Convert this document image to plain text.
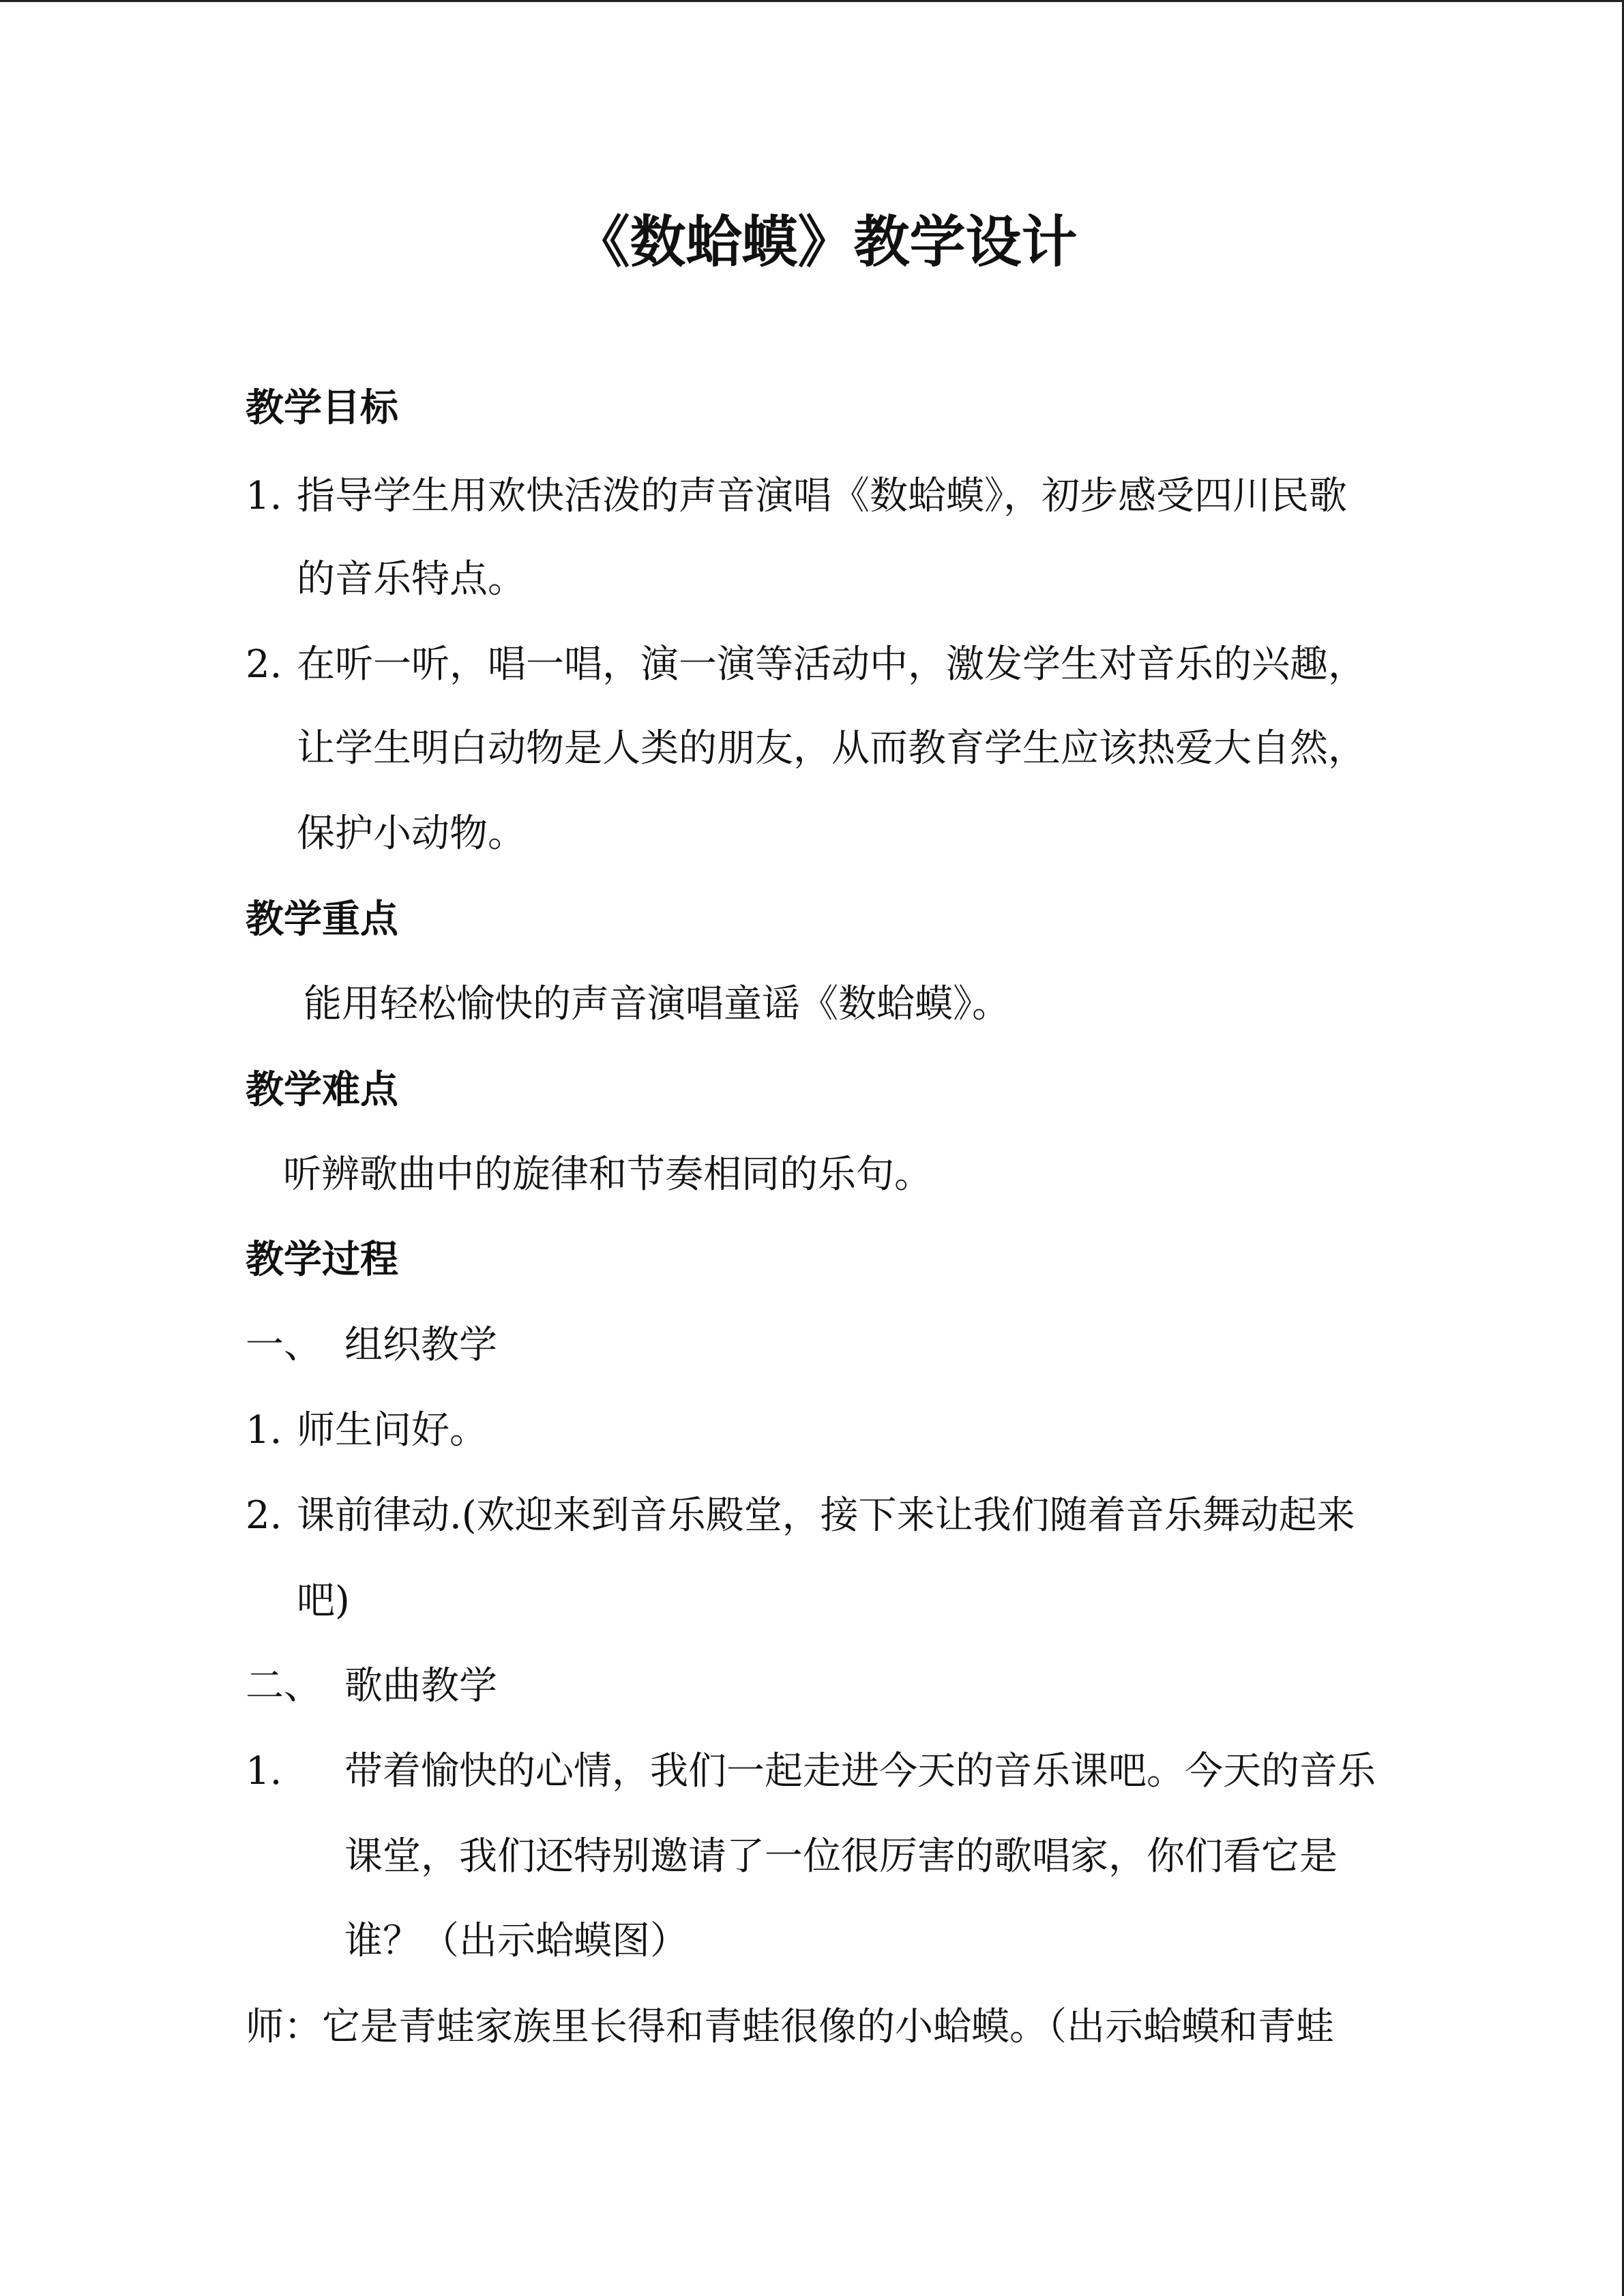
《数蛤蟆》教学设计
教学目标
1. 指导学生用欢快活泼的声音演唱《数蛤蟆》，初步感受四川民歌
的音乐特点。
2. 在听一听，唱一唱，演一演等活动中，激发学生对音乐的兴趣，
让学生明白动物是人类的朋友，从而教育学生应该热爱大自然，
保护小动物。
教学重点
能用轻松愉快的声音演唱童谣《数蛤蟆》。
教学难点
听辨歌曲中的旋律和节奏相同的乐句。
教学过程
一、 组织教学
1. 师生问好。
2. 课前律动.(欢迎来到音乐殿堂，接下来让我们随着音乐舞动起来
吧)
二、 歌曲教学
1. 带着愉快的心情，我们一起走进今天的音乐课吧。今天的音乐
课堂，我们还特别邀请了一位很厉害的歌唱家，你们看它是
谁？（出示蛤蟆图）
师：它是青蛙家族里长得和青蛙很像的小蛤蟆。（出示蛤蟆和青蛙
